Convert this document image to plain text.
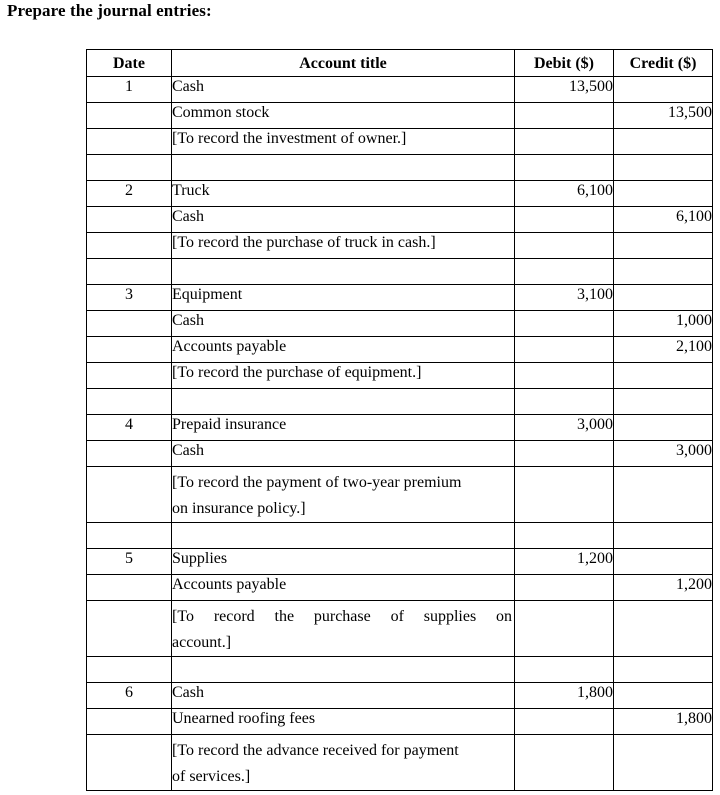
Prepare the journal entries:
Date	Account title	Debit ($)	Credit ($)
1	Cash	13,500	
	Common stock		13,500
	[To record the investment of owner.]		

2	Truck	6,100	
	Cash		6,100
	[To record the purchase of truck in cash.]		

3	Equipment	3,100	
	Cash		1,000
	Accounts payable		2,100
	[To record the purchase of equipment.]		

4	Prepaid insurance	3,000	
	Cash		3,000

	[To record the payment of two-year premium
on insurance policy.]		

5	Supplies	1,200	
	Accounts payable		1,200

	[To record the purchase of supplies on
account.]		

6	Cash	1,800	
	Unearned roofing fees		1,800

	[To record the advance received for payment
of services.]		
